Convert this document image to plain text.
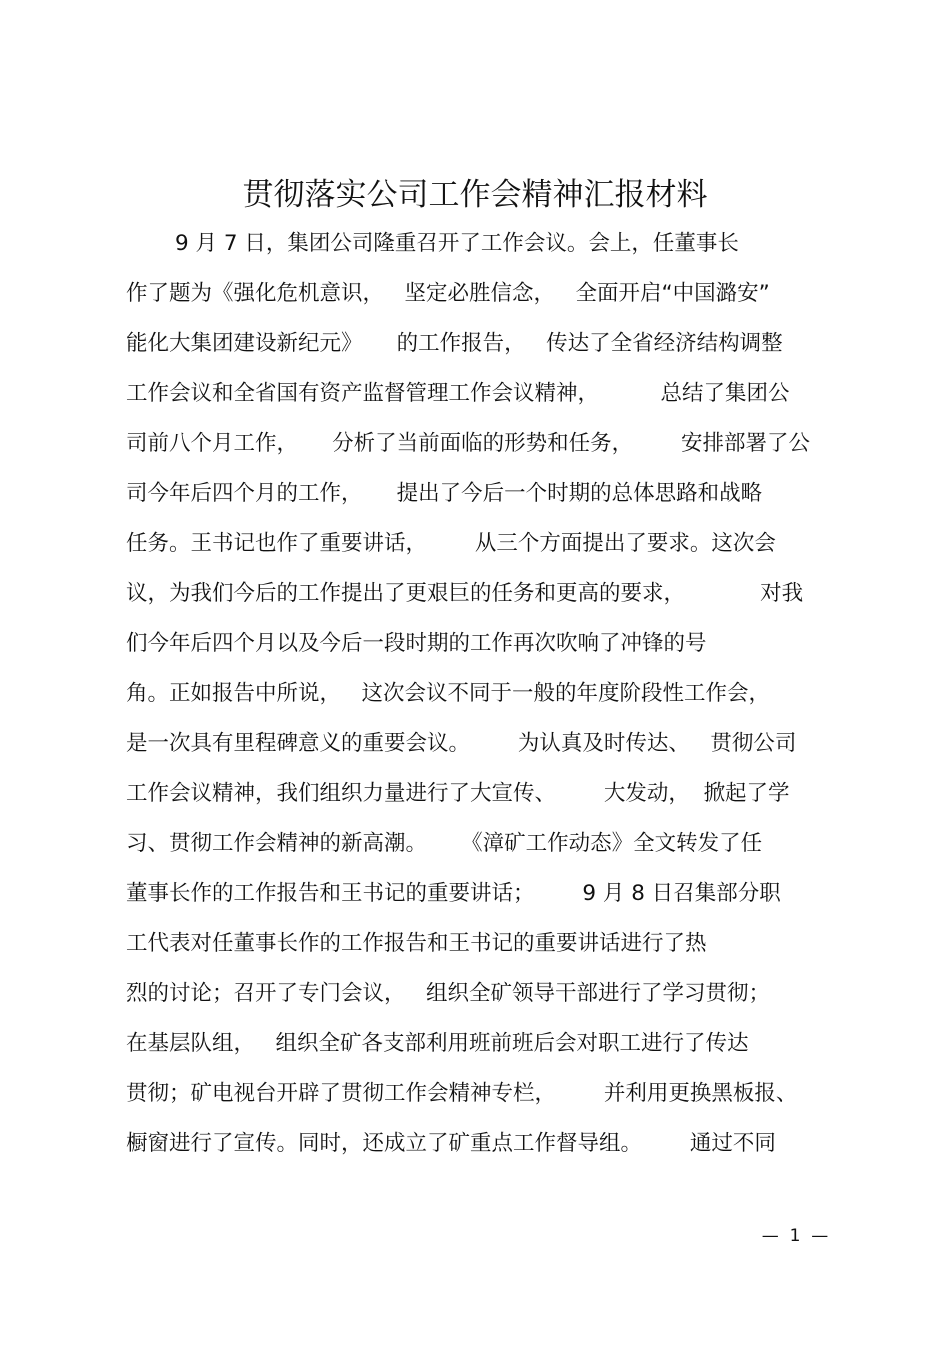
贯彻落实公司工作会精神汇报材料
9 月 7 日，集团公司隆重召开了工作会议。会上，任董事长
作了题为《强化危机意识，   坚定必胜信念，   全面开启“中国潞安”
能化大集团建设新纪元》     的工作报告，   传达了全省经济结构调整
工作会议和全省国有资产监督管理工作会议精神，         总结了集团公
司前八个月工作，     分析了当前面临的形势和任务，       安排部署了公
司今年后四个月的工作，     提出了今后一个时期的总体思路和战略
任务。王书记也作了重要讲话，       从三个方面提出了要求。这次会
议，为我们今后的工作提出了更艰巨的任务和更高的要求，           对我
们今年后四个月以及今后一段时期的工作再次吹响了冲锋的号
角。正如报告中所说，   这次会议不同于一般的年度阶段性工作会，
是一次具有里程碑意义的重要会议。       为认真及时传达、   贯彻公司
工作会议精神，我们组织力量进行了大宣传、       大发动，  掀起了学
习、贯彻工作会精神的新高潮。     《漳矿工作动态》全文转发了任
董事长作的工作报告和王书记的重要讲话；       9 月 8 日召集部分职
工代表对任董事长作的工作报告和王书记的重要讲话进行了热
烈的讨论；召开了专门会议，   组织全矿领导干部进行了学习贯彻；
在基层队组，   组织全矿各支部利用班前班后会对职工进行了传达
贯彻；矿电视台开辟了贯彻工作会精神专栏，       并利用更换黑板报、
橱窗进行了宣传。同时，还成立了矿重点工作督导组。       通过不同
—  1  —
